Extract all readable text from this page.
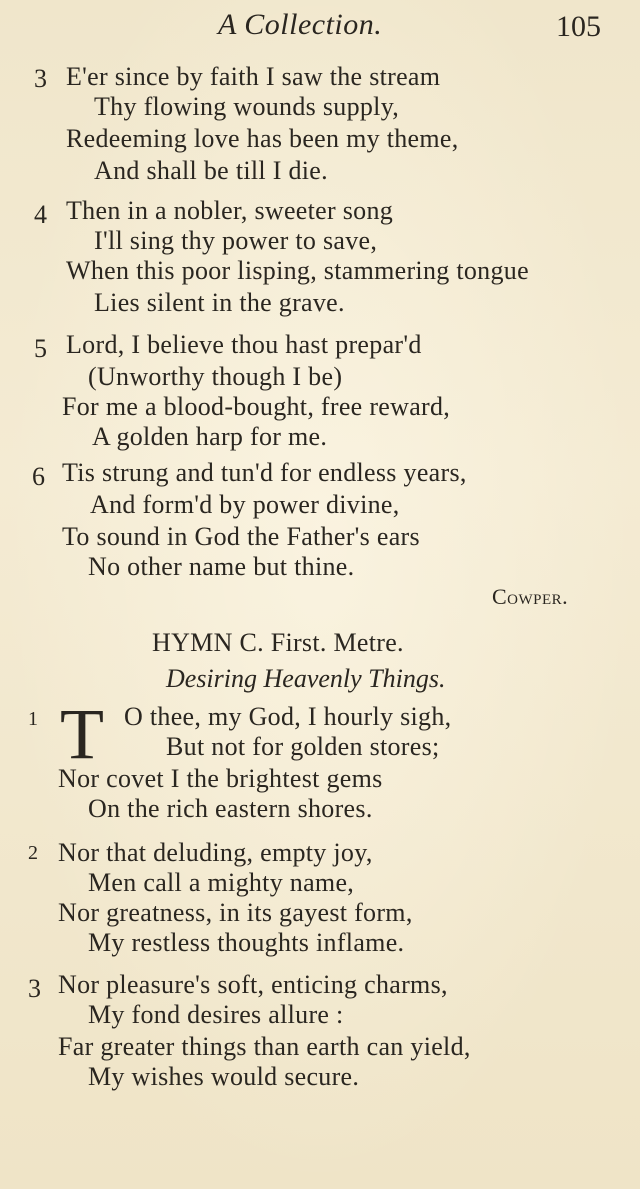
A Collection.	105
3 E'er since by faith I saw the stream
Thy flowing wounds supply,
Redeeming love has been my theme,
And shall be till I die.
4 Then in a nobler, sweeter song
I'll sing thy power to save,
When this poor lisping, stammering tongue
Lies silent in the grave.
5 Lord, I believe thou hast prepar'd
(Unworthy though I be)
For me a blood-bought, free reward,
A golden harp for me.
6 Tis strung and tun'd for endless years,
And form'd by power divine,
To sound in God the Father's ears
No other name but thine.
Cowper.
HYMN C. First. Metre.
Desiring Heavenly Things.
1 T O thee, my God, I hourly sigh,
But not for golden stores;
Nor covet I the brightest gems
On the rich eastern shores.
2 Nor that deluding, empty joy,
Men call a mighty name,
Nor greatness, in its gayest form,
My restless thoughts inflame.
3 Nor pleasure's soft, enticing charms,
My fond desires allure :
Far greater things than earth can yield,
My wishes would secure.
